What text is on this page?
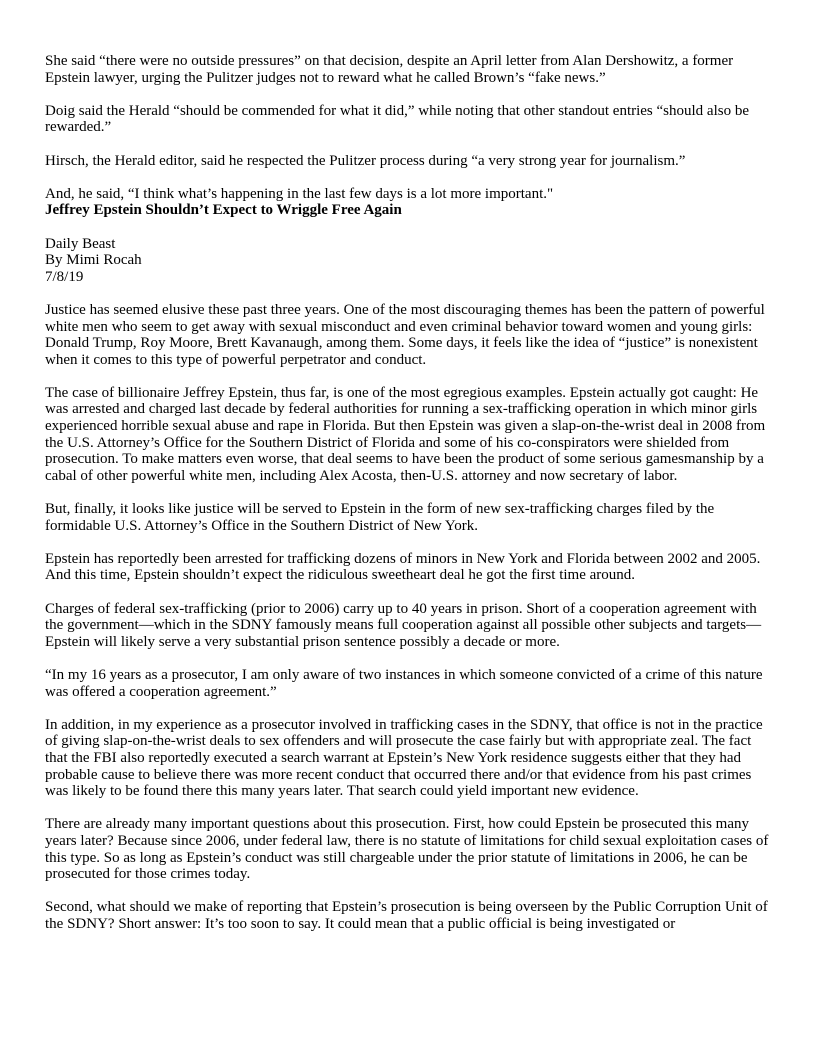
She said “there were no outside pressures” on that decision, despite an April letter from Alan Dershowitz, a former Epstein lawyer, urging the Pulitzer judges not to reward what he called Brown’s “fake news.”

Doig said the Herald “should be commended for what it did,” while noting that other standout entries “should also be rewarded.”

Hirsch, the Herald editor, said he respected the Pulitzer process during “a very strong year for journalism.”

And, he said, “I think what’s happening in the last few days is a lot more important."

Jeffrey Epstein Shouldn’t Expect to Wriggle Free Again
Daily Beast
By Mimi Rocah
7/8/19

Justice has seemed elusive these past three years. One of the most discouraging themes has been the pattern of powerful white men who seem to get away with sexual misconduct and even criminal behavior toward women and young girls: Donald Trump, Roy Moore, Brett Kavanaugh, among them. Some days, it feels like the idea of “justice” is nonexistent when it comes to this type of powerful perpetrator and conduct.

The case of billionaire Jeffrey Epstein, thus far, is one of the most egregious examples. Epstein actually got caught: He was arrested and charged last decade by federal authorities for running a sex-trafficking operation in which minor girls experienced horrible sexual abuse and rape in Florida. But then Epstein was given a slap-on-the-wrist deal in 2008 from the U.S. Attorney’s Office for the Southern District of Florida and some of his co-conspirators were shielded from prosecution. To make matters even worse, that deal seems to have been the product of some serious gamesmanship by a cabal of other powerful white men, including Alex Acosta, then-U.S. attorney and now secretary of labor.

But, finally, it looks like justice will be served to Epstein in the form of new sex-trafficking charges filed by the formidable U.S. Attorney’s Office in the Southern District of New York.

Epstein has reportedly been arrested for trafficking dozens of minors in New York and Florida between 2002 and 2005. And this time, Epstein shouldn’t expect the ridiculous sweetheart deal he got the first time around.

Charges of federal sex-trafficking (prior to 2006) carry up to 40 years in prison. Short of a cooperation agreement with the government—which in the SDNY famously means full cooperation against all possible other subjects and targets—Epstein will likely serve a very substantial prison sentence possibly a decade or more.

“In my 16 years as a prosecutor, I am only aware of two instances in which someone convicted of a crime of this nature was offered a cooperation agreement.”

In addition, in my experience as a prosecutor involved in trafficking cases in the SDNY, that office is not in the practice of giving slap-on-the-wrist deals to sex offenders and will prosecute the case fairly but with appropriate zeal. The fact that the FBI also reportedly executed a search warrant at Epstein’s New York residence suggests either that they had probable cause to believe there was more recent conduct that occurred there and/or that evidence from his past crimes was likely to be found there this many years later. That search could yield important new evidence.

There are already many important questions about this prosecution. First, how could Epstein be prosecuted this many years later? Because since 2006, under federal law, there is no statute of limitations for child sexual exploitation cases of this type. So as long as Epstein’s conduct was still chargeable under the prior statute of limitations in 2006, he can be prosecuted for those crimes today.

Second, what should we make of reporting that Epstein’s prosecution is being overseen by the Public Corruption Unit of the SDNY? Short answer: It’s too soon to say. It could mean that a public official is being investigated or
